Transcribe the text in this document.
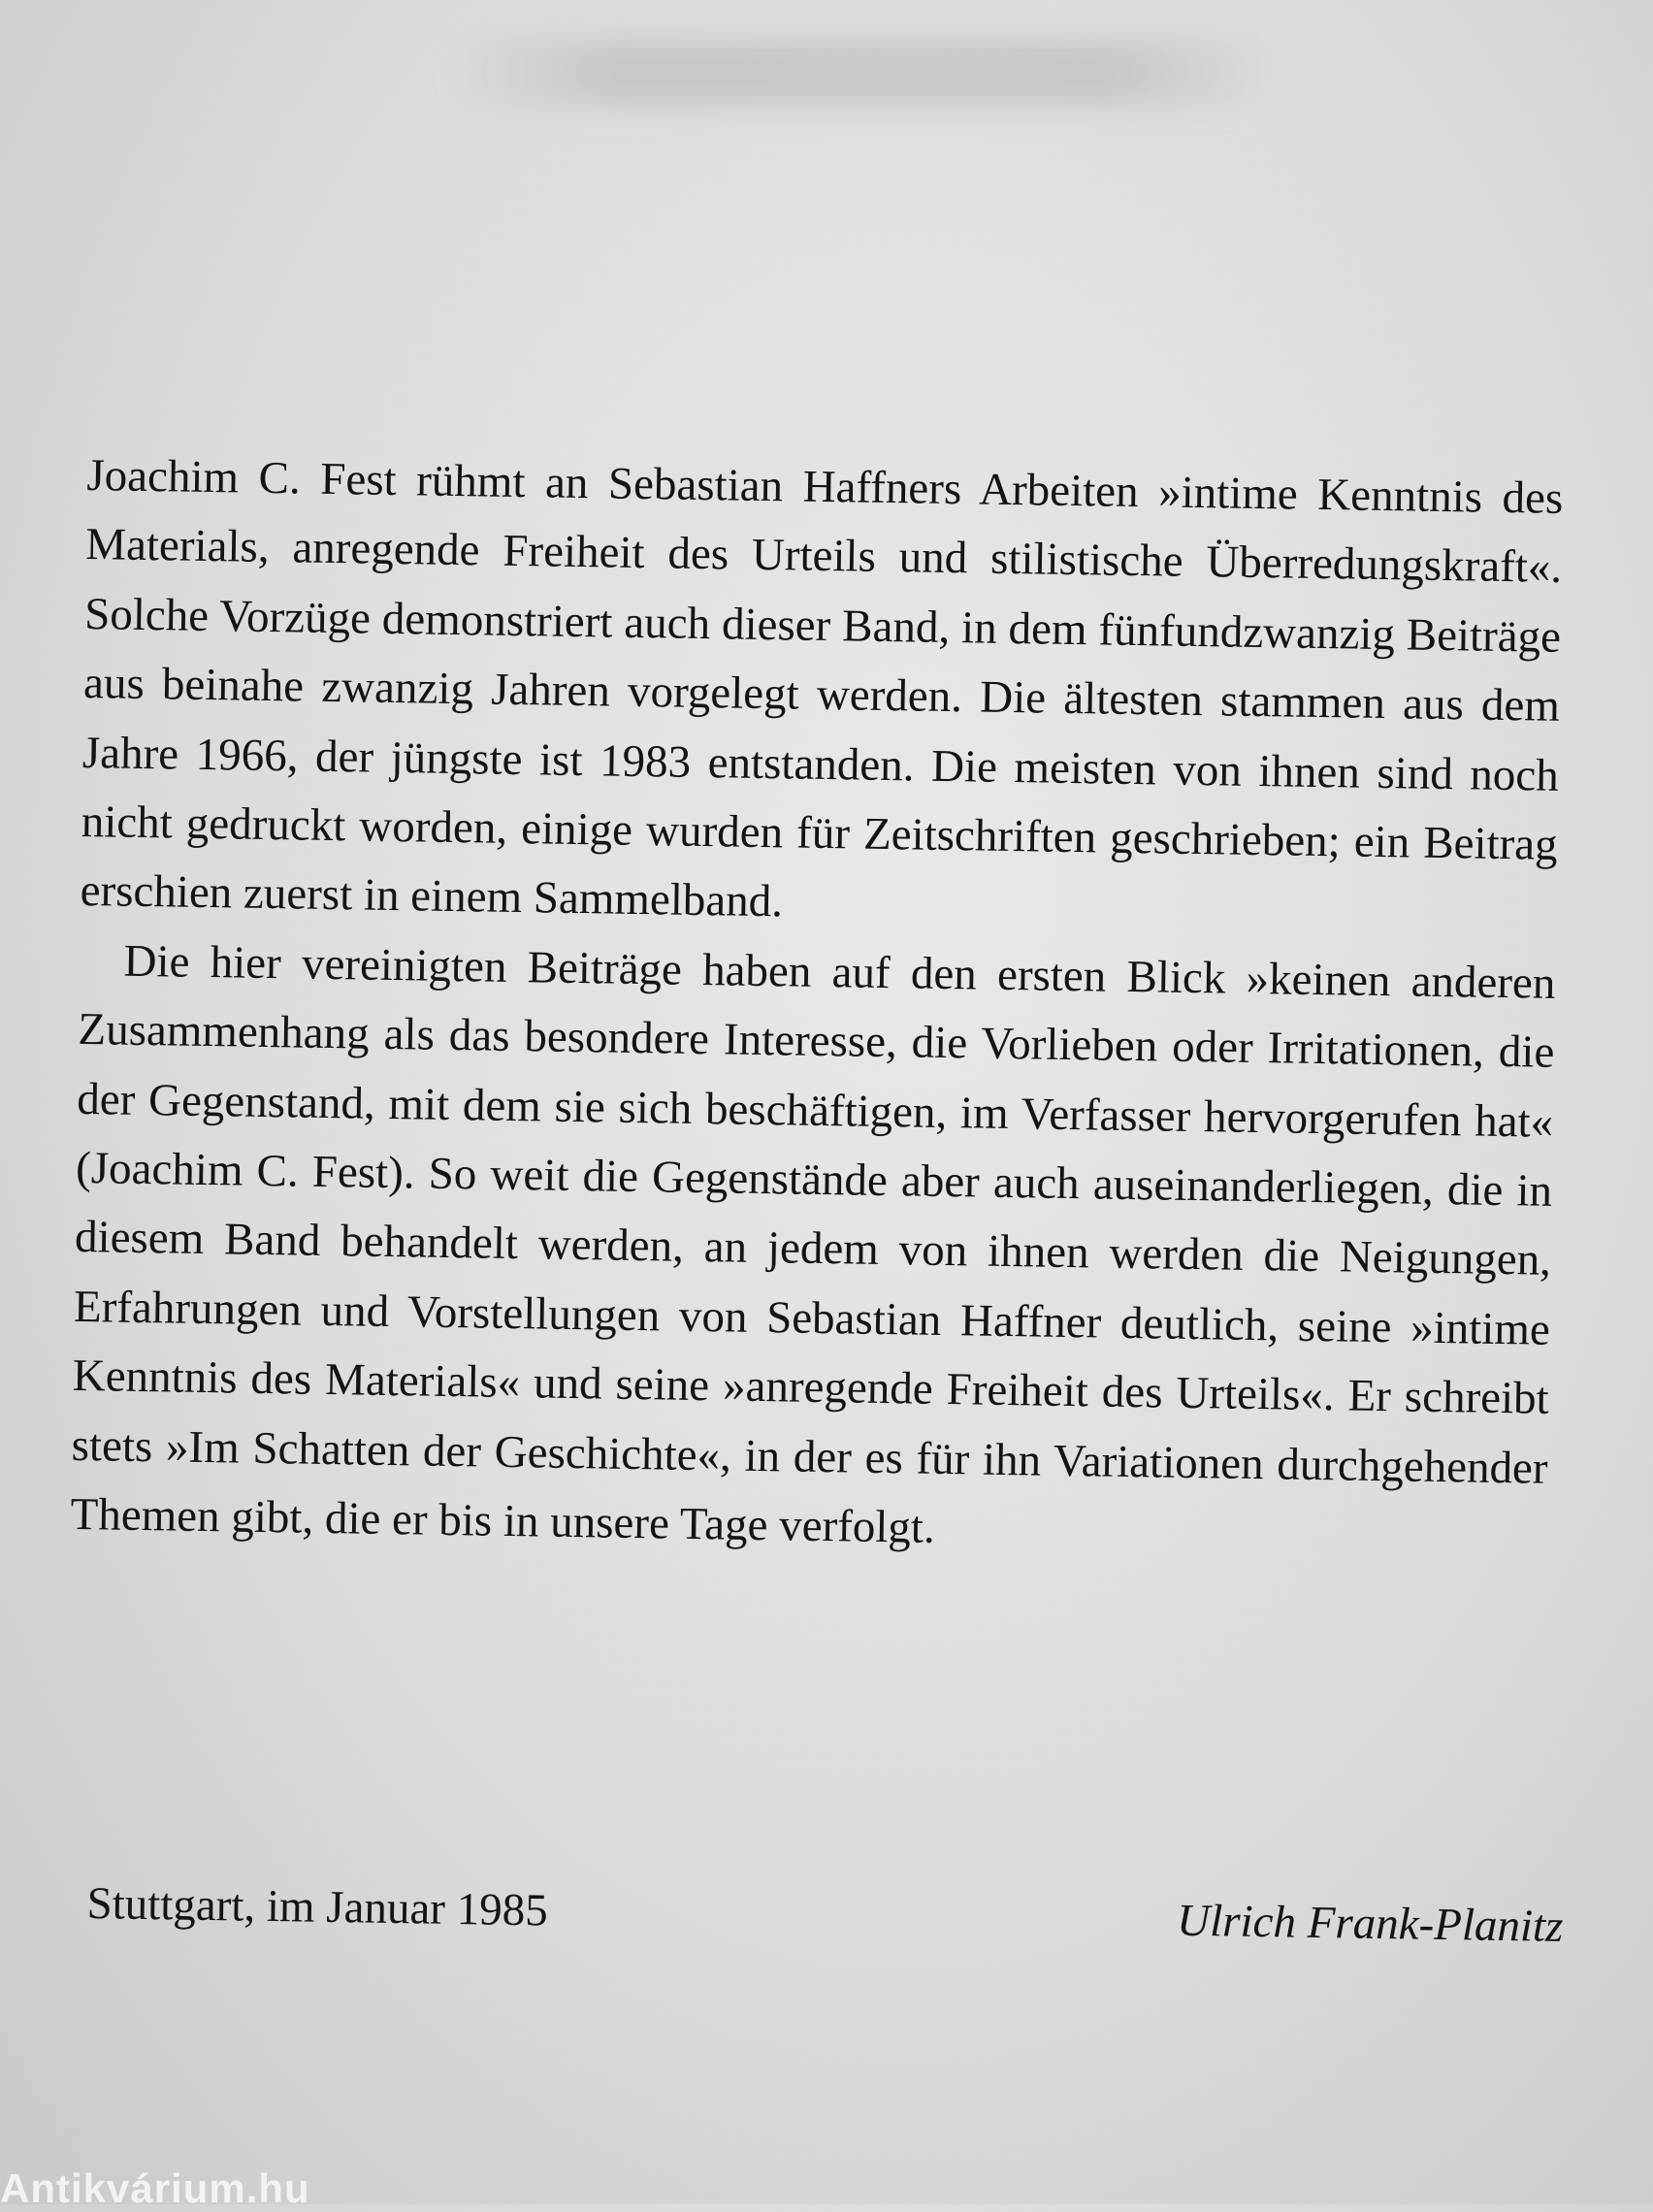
Joachim C. Fest rühmt an Sebastian Haffners Arbeiten »intime Kenntnis des Materials, anregende Freiheit des Urteils und stilistische Überredungskraft«. Solche Vorzüge demonstriert auch dieser Band, in dem fünfundzwanzig Beiträge aus beinahe zwanzig Jahren vorgelegt werden. Die ältesten stammen aus dem Jahre 1966, der jüngste ist 1983 entstanden. Die meisten von ihnen sind noch nicht gedruckt worden, einige wurden für Zeitschriften geschrieben; ein Beitrag erschien zuerst in einem Sammelband.

Die hier vereinigten Beiträge haben auf den ersten Blick »keinen anderen Zusammenhang als das besondere Interesse, die Vorlieben oder Irritationen, die der Gegenstand, mit dem sie sich beschäftigen, im Verfasser hervorgerufen hat« (Joachim C. Fest). So weit die Gegenstände aber auch auseinanderliegen, die in diesem Band behandelt werden, an jedem von ihnen werden die Neigungen, Erfahrungen und Vorstellungen von Sebastian Haffner deutlich, seine »intime Kenntnis des Materials« und seine »anregende Freiheit des Urteils«. Er schreibt stets »Im Schatten der Geschichte«, in der es für ihn Variationen durchgehender Themen gibt, die er bis in unsere Tage verfolgt.

Stuttgart, im Januar 1985	Ulrich Frank-Planitz
Antikvárium.hu
